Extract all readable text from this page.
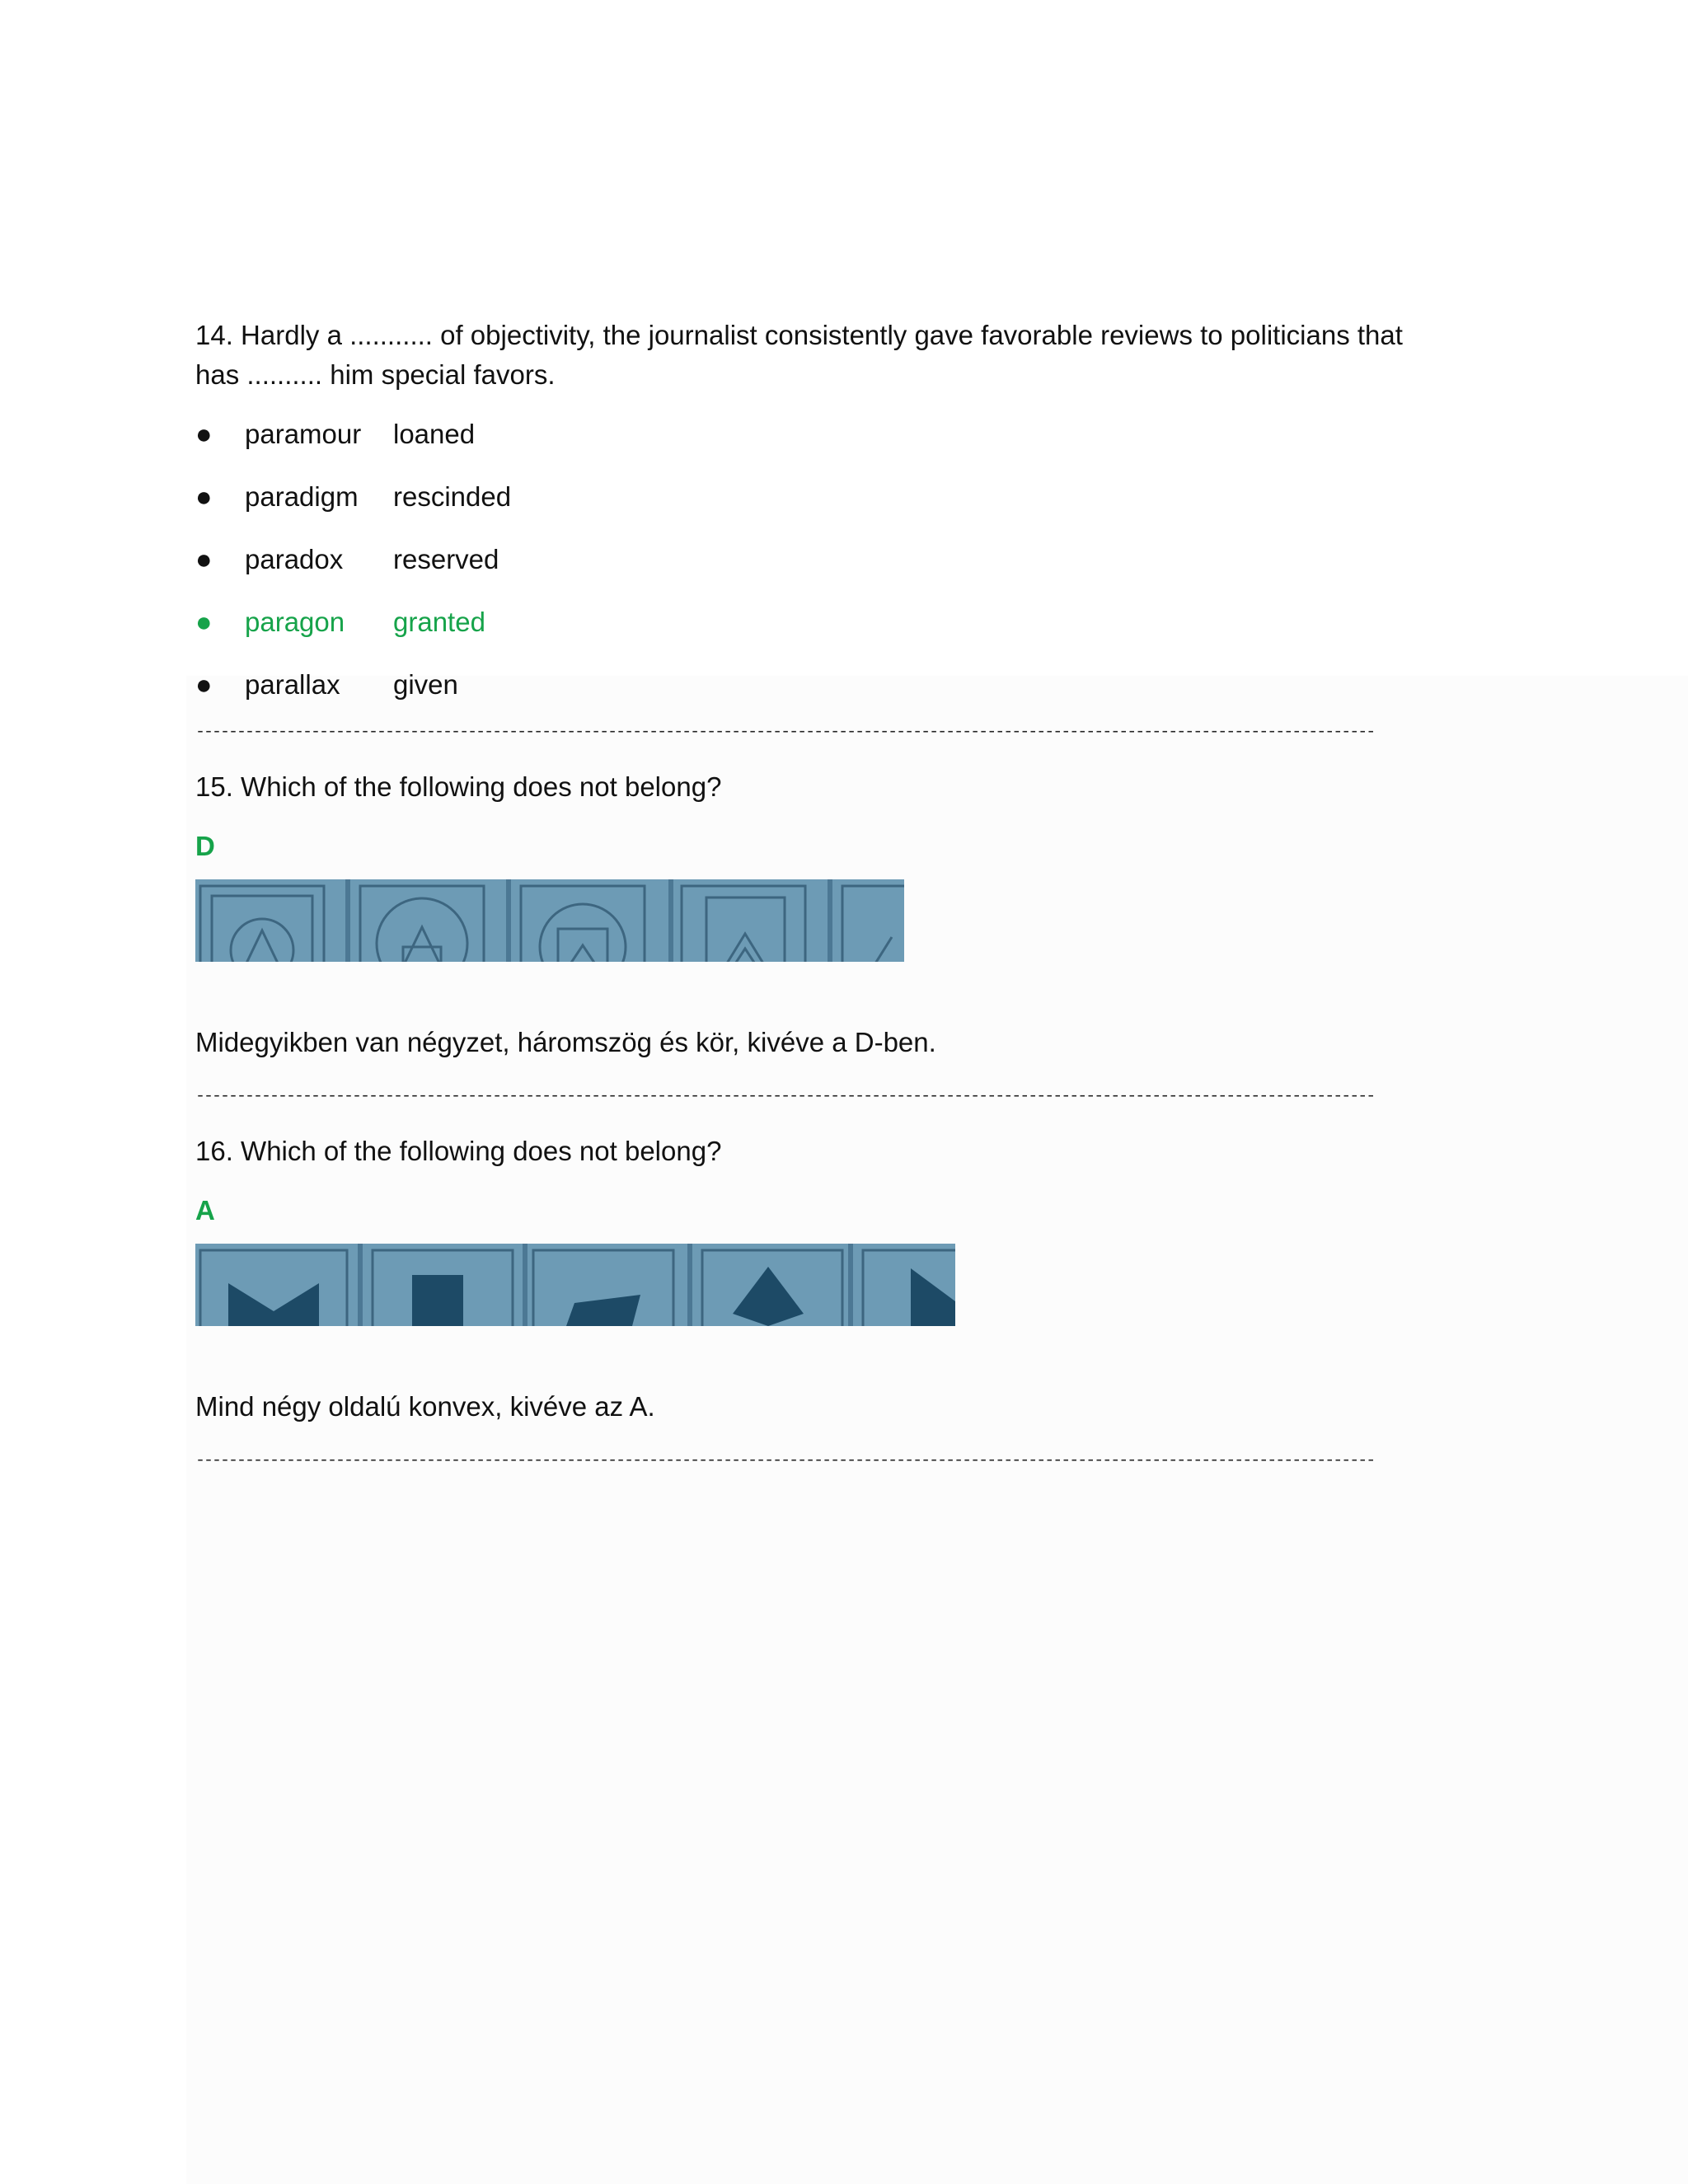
14. Hardly a ........... of objectivity, the journalist consistently gave favorable reviews to politicians that

has .......... him special favors.

● paramour loaned
● paradigm rescinded
● paradox reserved
● paragon granted
● parallax given
-----------------------------------------------------------------------------------------------------------------------------------------------

15. Which of the following does not belong?

D

Midegyikben van négyzet, háromszög és kör, kivéve a D-ben.

-----------------------------------------------------------------------------------------------------------------------------------------------

16. Which of the following does not belong?

A

Mind négy oldalú konvex, kivéve az A.

-----------------------------------------------------------------------------------------------------------------------------------------------
